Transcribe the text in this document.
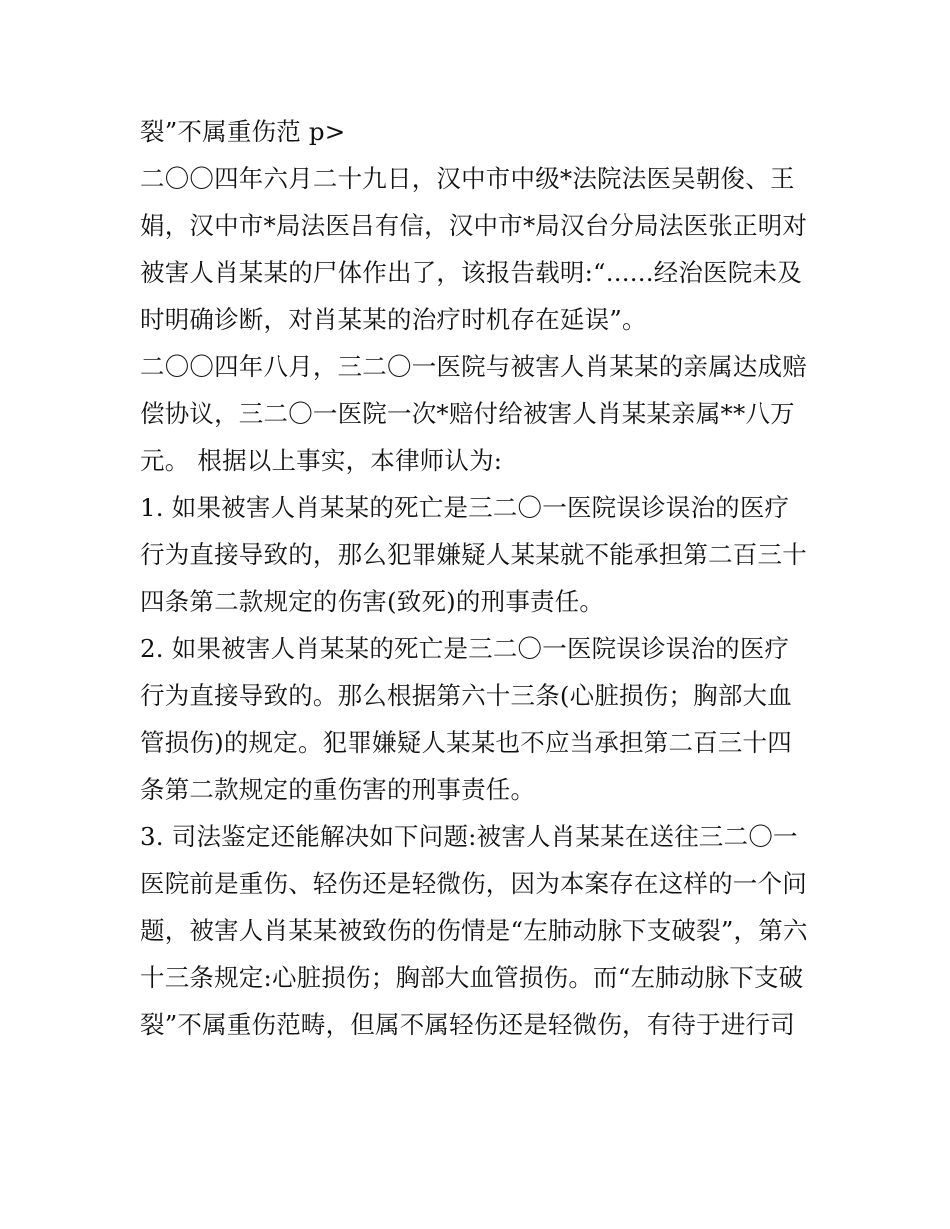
裂”不属重伤范 p>
二〇〇四年六月二十九日，汉中市中级*法院法医吴朝俊、王
娟，汉中市*局法医吕有信，汉中市*局汉台分局法医张正明对
被害人肖某某的尸体作出了，该报告载明:“......经治医院未及
时明确诊断，对肖某某的治疗时机存在延误”。
二〇〇四年八月，三二〇一医院与被害人肖某某的亲属达成赔
偿协议，三二〇一医院一次*赔付给被害人肖某某亲属**八万
元。 根据以上事实，本律师认为:
1. 如果被害人肖某某的死亡是三二〇一医院误诊误治的医疗
行为直接导致的，那么犯罪嫌疑人某某就不能承担第二百三十
四条第二款规定的伤害(致死)的刑事责任。
2. 如果被害人肖某某的死亡是三二〇一医院误诊误治的医疗
行为直接导致的。那么根据第六十三条(心脏损伤；胸部大血
管损伤)的规定。犯罪嫌疑人某某也不应当承担第二百三十四
条第二款规定的重伤害的刑事责任。
3. 司法鉴定还能解决如下问题:被害人肖某某在送往三二〇一
医院前是重伤、轻伤还是轻微伤，因为本案存在这样的一个问
题，被害人肖某某被致伤的伤情是“左肺动脉下支破裂”，第六
十三条规定:心脏损伤；胸部大血管损伤。而“左肺动脉下支破
裂”不属重伤范畴，但属不属轻伤还是轻微伤，有待于进行司
